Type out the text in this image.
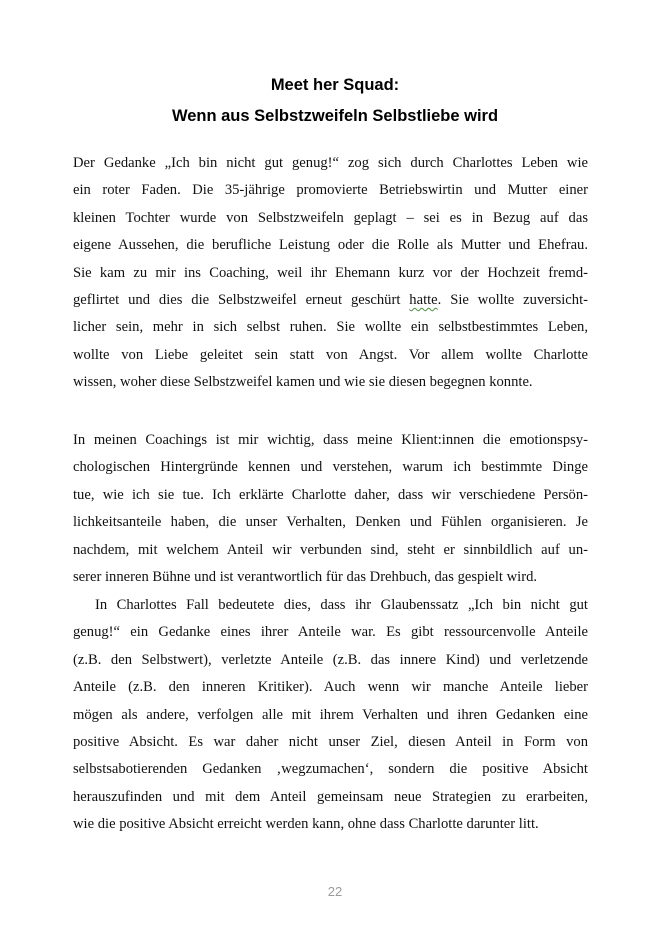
Meet her Squad:
Wenn aus Selbstzweifeln Selbstliebe wird
Der Gedanke „Ich bin nicht gut genug!“ zog sich durch Charlottes Leben wie
ein roter Faden. Die 35-jährige promovierte Betriebswirtin und Mutter einer
kleinen Tochter wurde von Selbstzweifeln geplagt – sei es in Bezug auf das
eigene Aussehen, die berufliche Leistung oder die Rolle als Mutter und Ehefrau.
Sie kam zu mir ins Coaching, weil ihr Ehemann kurz vor der Hochzeit fremd-
geflirtet und dies die Selbstzweifel erneut geschürt hatte. Sie wollte zuversicht-
licher sein, mehr in sich selbst ruhen. Sie wollte ein selbstbestimmtes Leben,
wollte von Liebe geleitet sein statt von Angst. Vor allem wollte Charlotte
wissen, woher diese Selbstzweifel kamen und wie sie diesen begegnen konnte.
In meinen Coachings ist mir wichtig, dass meine Klient:innen die emotionspsy-
chologischen Hintergründe kennen und verstehen, warum ich bestimmte Dinge
tue, wie ich sie tue. Ich erklärte Charlotte daher, dass wir verschiedene Persön-
lichkeitsanteile haben, die unser Verhalten, Denken und Fühlen organisieren. Je
nachdem, mit welchem Anteil wir verbunden sind, steht er sinnbildlich auf un-
serer inneren Bühne und ist verantwortlich für das Drehbuch, das gespielt wird.
In Charlottes Fall bedeutete dies, dass ihr Glaubenssatz „Ich bin nicht gut
genug!“ ein Gedanke eines ihrer Anteile war. Es gibt ressourcenvolle Anteile
(z.B. den Selbstwert), verletzte Anteile (z.B. das innere Kind) und verletzende
Anteile (z.B. den inneren Kritiker). Auch wenn wir manche Anteile lieber
mögen als andere, verfolgen alle mit ihrem Verhalten und ihren Gedanken eine
positive Absicht. Es war daher nicht unser Ziel, diesen Anteil in Form von
selbstsabotierenden Gedanken ‚wegzumachen‘, sondern die positive Absicht
herauszufinden und mit dem Anteil gemeinsam neue Strategien zu erarbeiten,
wie die positive Absicht erreicht werden kann, ohne dass Charlotte darunter litt.
22
